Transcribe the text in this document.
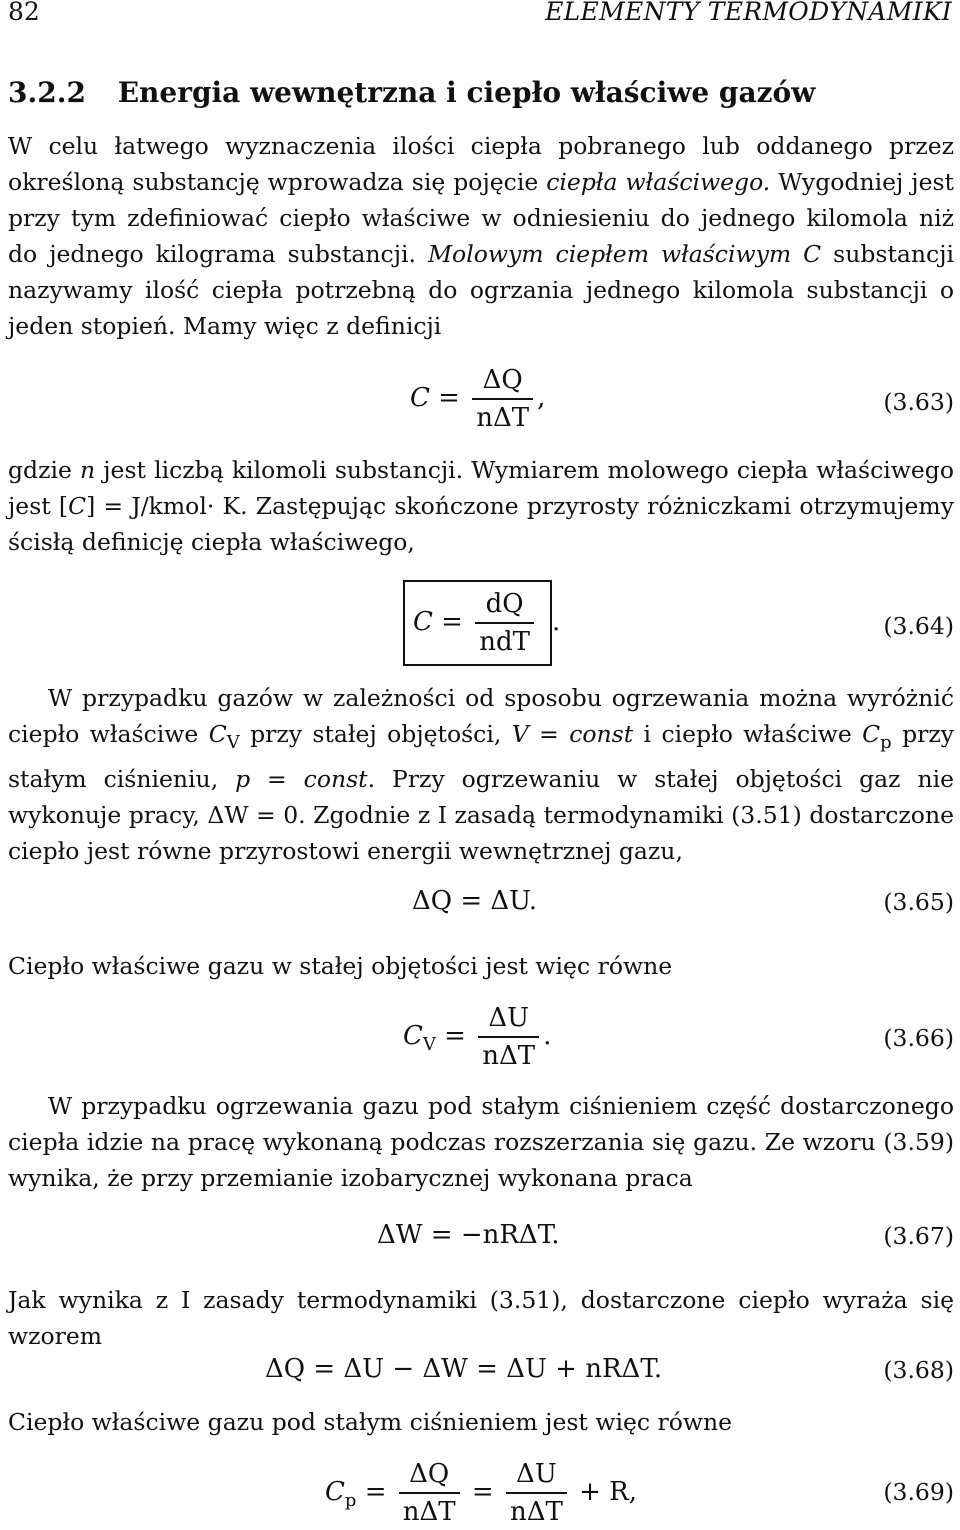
82	ELEMENTY TERMODYNAMIKI
3.2.2 Energia wewnętrzna i ciepło właściwe gazów
W celu łatwego wyznaczenia ilości ciepła pobranego lub oddanego przez określoną substancję wprowadza się pojęcie ciepła właściwego. Wygodniej jest przy tym zdefiniować ciepło właściwe w odniesieniu do jednego kilomola niż do jednego kilograma substancji. Molowym ciepłem właściwym C substancji nazywamy ilość ciepła potrzebną do ogrzania jednego kilomola substancji o jeden stopień. Mamy więc z definicji
$C = \frac{\Delta Q}{\text{nΔT}}$ ,	(3.63)
gdzie n jest liczbą kilomoli substancji. Wymiarem molowego ciepła właściwego jest [C] = J/kmol· K. Zastępując skończone przyrosty różniczkami otrzymujemy ścisłą definicję ciepła właściwego,
$C = \frac{dQ}{\text{ndT}}$ .	(3.64)
W przypadku gazów w zależności od sposobu ogrzewania można wyróżnić ciepło właściwe $C_V$ przy stałej objętości, V = const i ciepło właściwe $C_p$ przy stałym ciśnieniu, p = const. Przy ogrzewaniu w stałej objętości gaz nie wykonuje pracy, ΔW = 0. Zgodnie z I zasadą termodynamiki (3.51) dostarczone ciepło jest równe przyrostowi energii wewnętrznej gazu,
ΔQ = ΔU.	(3.65)
Ciepło właściwe gazu w stałej objętości jest więc równe
$C_V = \frac{\Delta U}{\text{nΔT}}$ .	(3.66)
W przypadku ogrzewania gazu pod stałym ciśnieniem część dostarczonego ciepła idzie na pracę wykonaną podczas rozszerzania się gazu. Ze wzoru (3.59) wynika, że przy przemianie izobarycznej wykonana praca
ΔW = −nRΔT.	(3.67)
Jak wynika z I zasady termodynamiki (3.51), dostarczone ciepło wyraża się wzorem
ΔQ = ΔU − ΔW = ΔU + nRΔT.	(3.68)
Ciepło właściwe gazu pod stałym ciśnieniem jest więc równe
$C_p = \frac{\Delta Q}{\text{nΔT}} = \frac{\Delta U}{\text{nΔT}} + R$,	(3.69)
